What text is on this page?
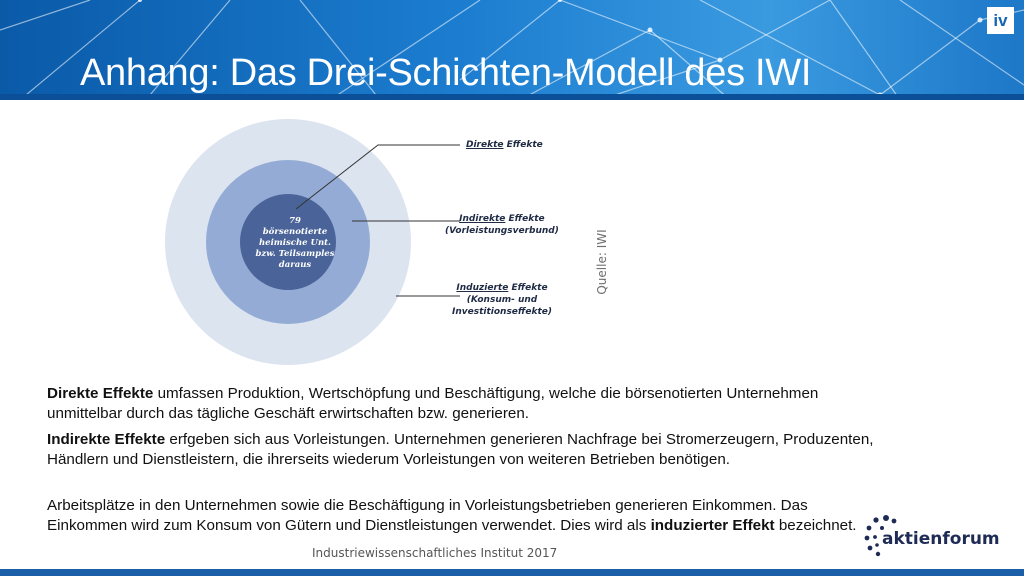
Anhang: Das Drei-Schichten-Modell des IWI
iv
79
börsenotierte
heimische Unt.
bzw. Teilsamples
daraus
Direkte Effekte
Indirekte Effekte
(Vorleistungsverbund)
Induzierte Effekte
(Konsum- und
Investitionseffekte)
Quelle: IWI

Direkte Effekte umfassen Produktion, Wertschöpfung und Beschäftigung, welche die börsenotierten Unternehmen unmittelbar durch das tägliche Geschäft erwirtschaften bzw. generieren.

Indirekte Effekte erfgeben sich aus Vorleistungen. Unternehmen generieren Nachfrage bei Stromerzeugern, Produzenten, Händlern und Dienstleistern, die ihrerseits wiederum Vorleistungen von weiteren Betrieben benötigen.

Arbeitsplätze in den Unternehmen sowie die Beschäftigung in Vorleistungsbetrieben generieren Einkommen. Das Einkommen wird zum Konsum von Gütern und Dienstleistungen verwendet. Dies wird als induzierter Effekt bezeichnet.

Industriewissenschaftliches Institut 2017
aktienforum
